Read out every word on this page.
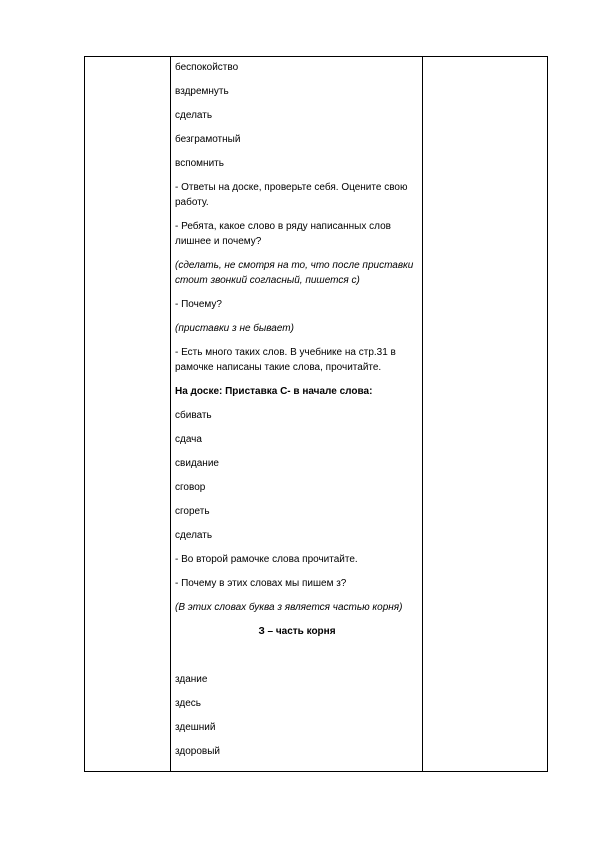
беспокойство

вздремнуть

сделать

безграмотный

вспомнить

- Ответы на доске, проверьте себя. Оцените свою работу.

- Ребята, какое слово в ряду написанных слов лишнее и почему?

(сделать, не смотря на то, что после приставки стоит звонкий согласный, пишется с)

- Почему?

(приставки з не бывает)

- Есть много таких слов. В учебнике на стр.31 в рамочке написаны такие слова, прочитайте.

На доске: Приставка С- в начале слова:

сбивать

сдача

свидание

сговор

сгореть

сделать

- Во второй рамочке слова прочитайте.

- Почему в этих словах мы пишем з?

(В этих словах буква з является частью корня)

З – часть корня

здание

здесь

здешний

здоровый
